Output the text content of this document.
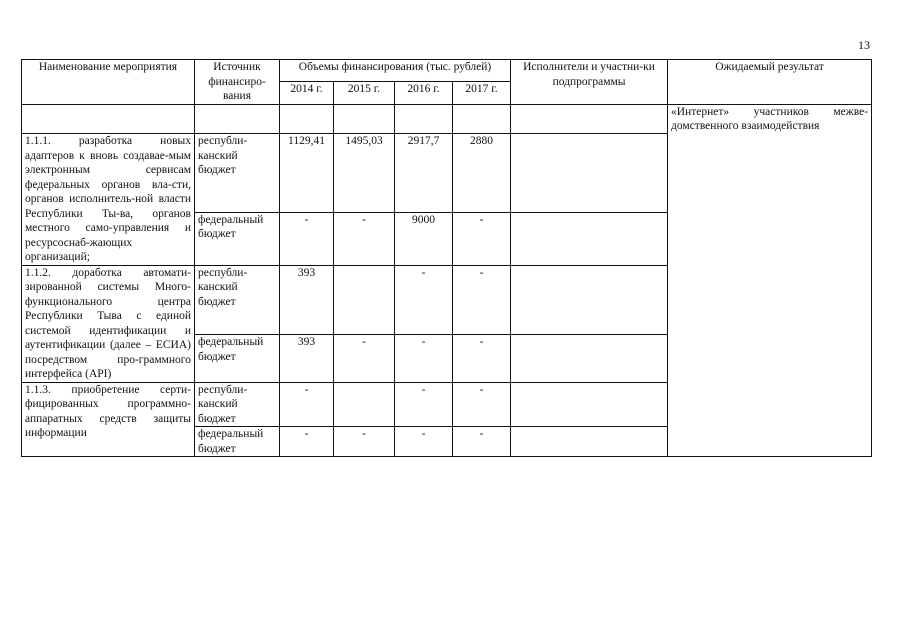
13
Наименование мероприятия	Источник финансиро-вания	Объемы финансирования (тыс. рублей)				Исполнители и участни-ки подпрограммы	Ожидаемый результат
		2014 г.	2015 г.	2016 г.	2017 г.		
							«Интернет» участников межве-домственного взаимодействия
1.1.1. разработка новых адаптеров к вновь создавае-мым электронным сервисам федеральных органов вла-сти, органов исполнитель-ной власти Республики Ты-ва, органов местного само-управления и ресурсоснаб-жающих организаций;	республи-канский бюджет	1129,41	1495,03	2917,7	2880		
	федеральный бюджет	-	-	9000	-		
1.1.2. доработка автомати-зированной системы Много-функционального центра Республики Тыва с единой системой идентификации и аутентификации (далее – ЕСИА) посредством про-граммного интерфейса (API)	республи-канский бюджет	393		-	-		
	федеральный бюджет	393	-	-	-		
1.1.3. приобретение серти-фицированных программно-аппаратных средств защиты информации	республи-канский бюджет	-		-	-		
	федеральный бюджет	-	-	-	-		
